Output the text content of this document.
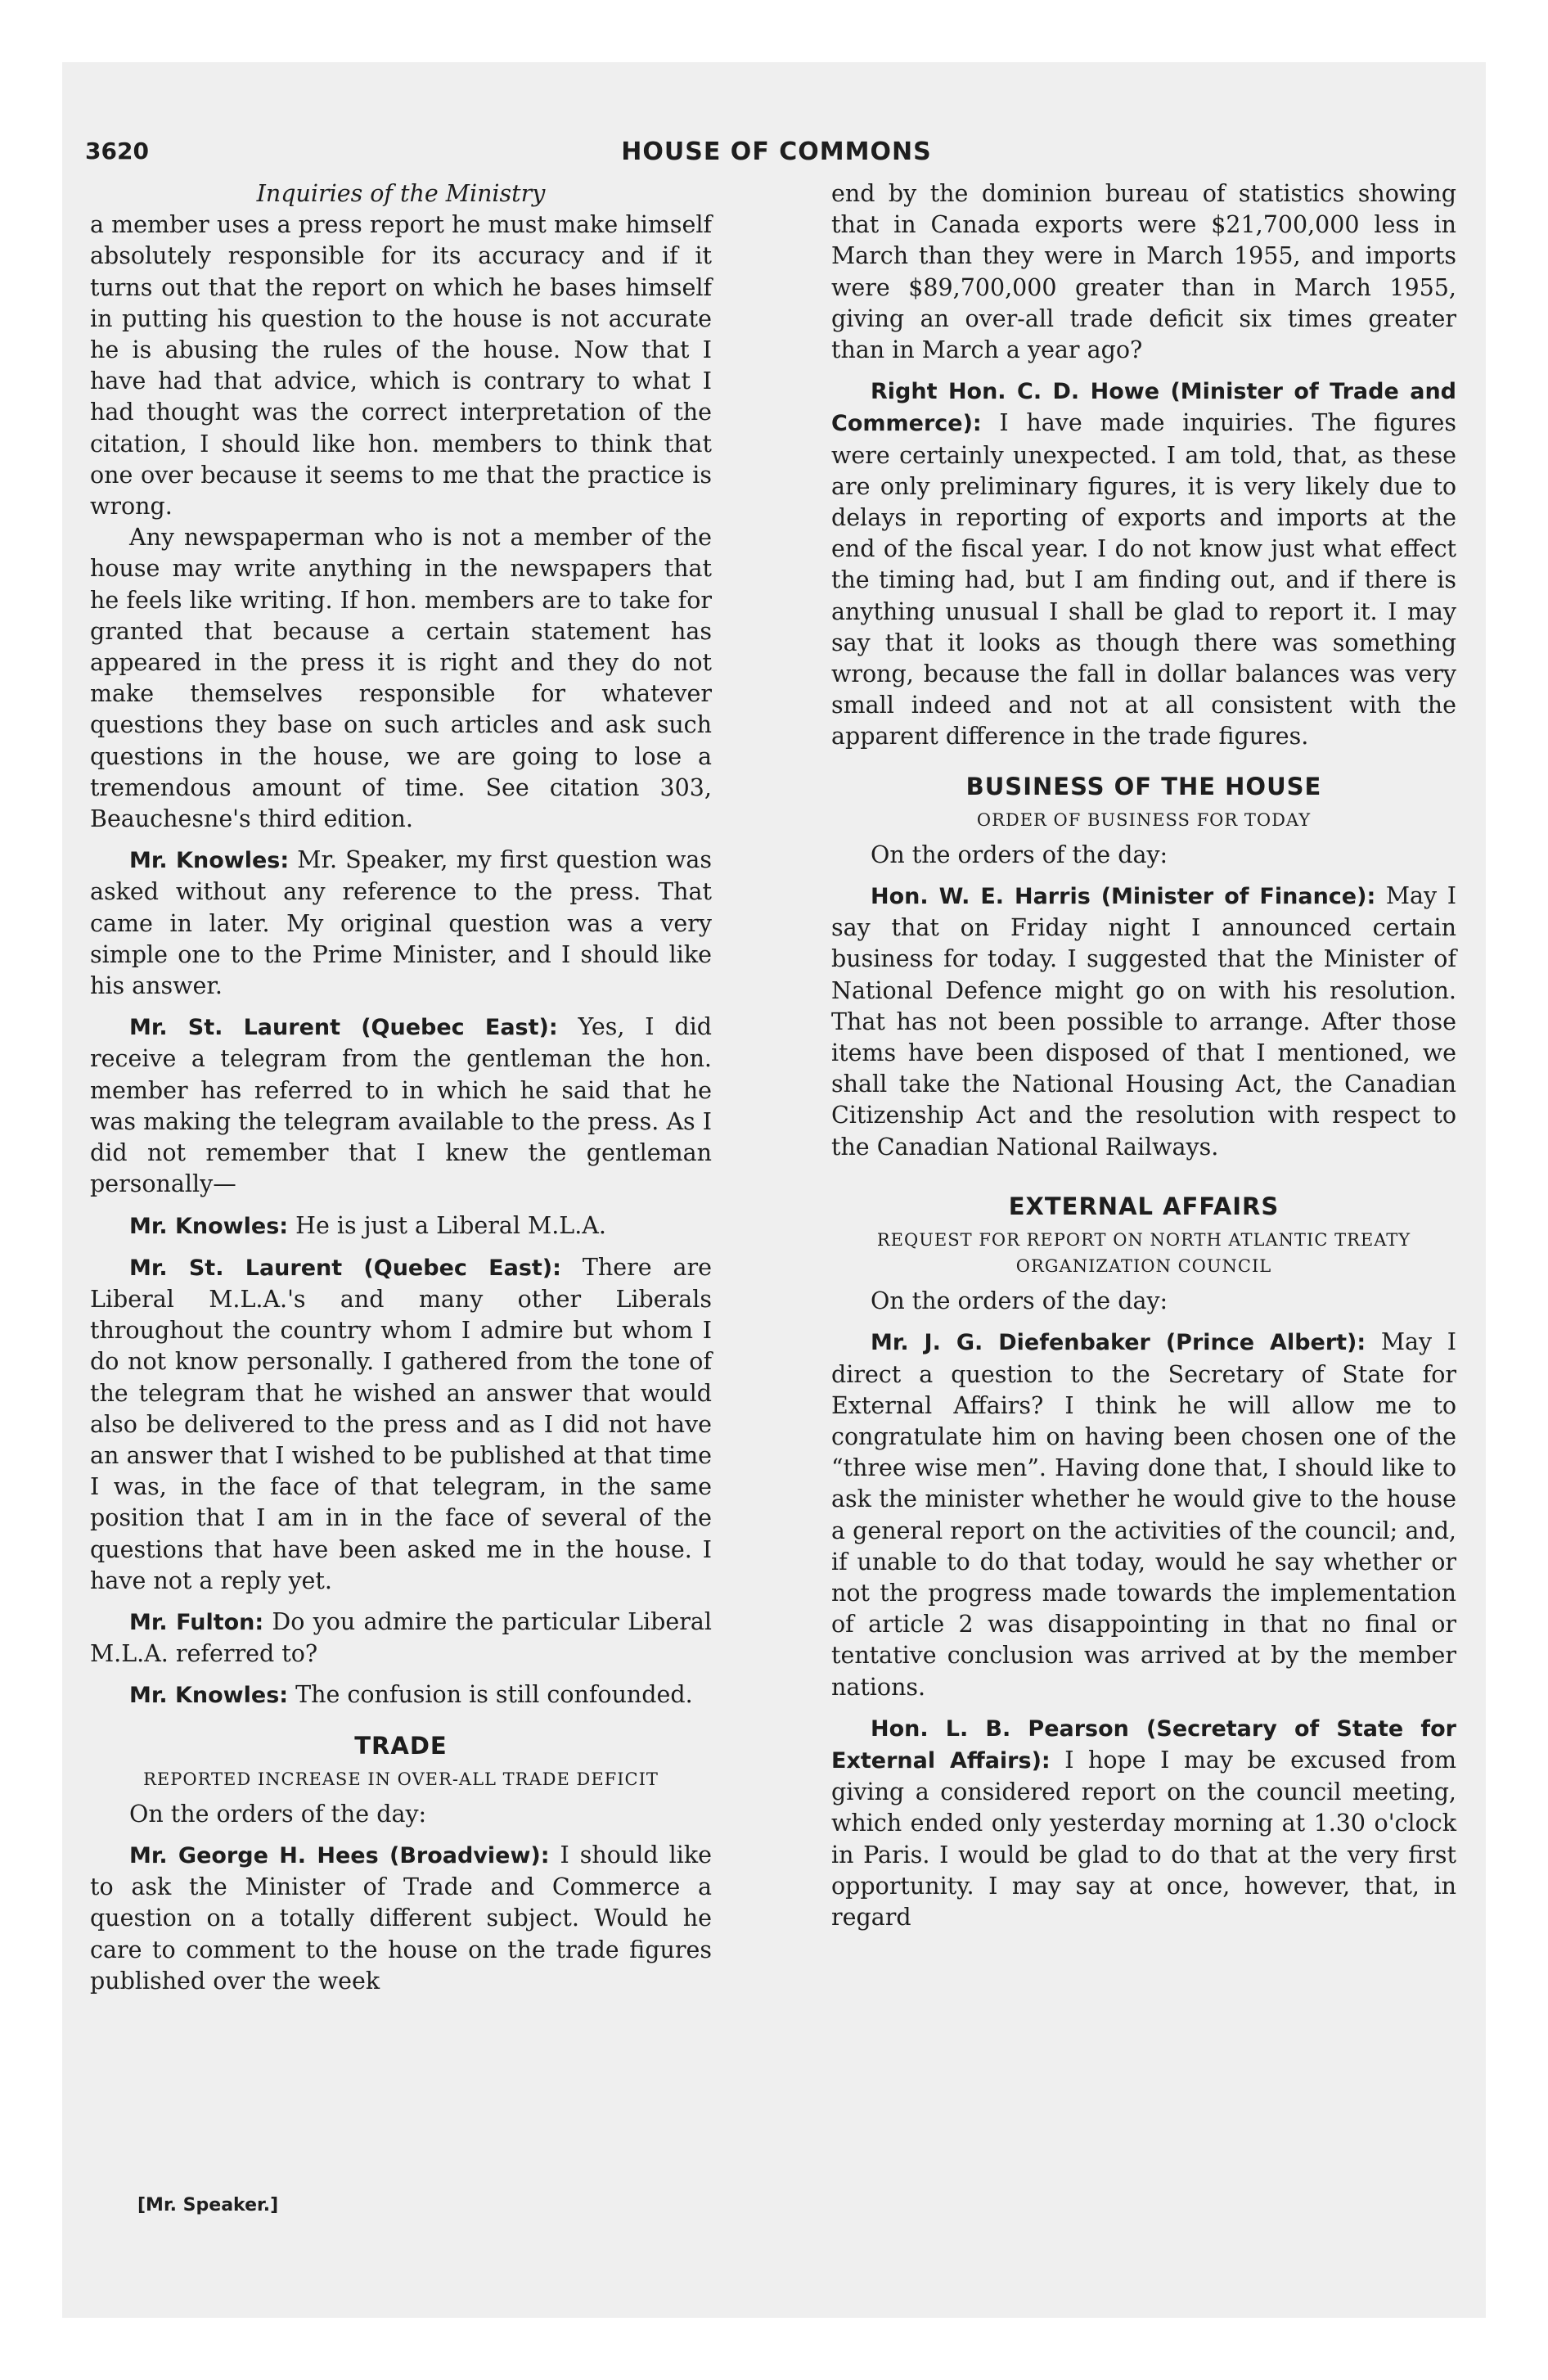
3620	HOUSE OF COMMONS

Inquiries of the Ministry

a member uses a press report he must make himself absolutely responsible for its accuracy and if it turns out that the report on which he bases himself in putting his question to the house is not accurate he is abusing the rules of the house. Now that I have had that advice, which is contrary to what I had thought was the correct interpretation of the citation, I should like hon. members to think that one over because it seems to me that the practice is wrong.

Any newspaperman who is not a member of the house may write anything in the newspapers that he feels like writing. If hon. members are to take for granted that because a certain statement has appeared in the press it is right and they do not make themselves responsible for whatever questions they base on such articles and ask such questions in the house, we are going to lose a tremendous amount of time. See citation 303, Beauchesne's third edition.

Mr. Knowles: Mr. Speaker, my first question was asked without any reference to the press. That came in later. My original question was a very simple one to the Prime Minister, and I should like his answer.

Mr. St. Laurent (Quebec East): Yes, I did receive a telegram from the gentleman the hon. member has referred to in which he said that he was making the telegram available to the press. As I did not remember that I knew the gentleman personally—

Mr. Knowles: He is just a Liberal M.L.A.

Mr. St. Laurent (Quebec East): There are Liberal M.L.A.'s and many other Liberals throughout the country whom I admire but whom I do not know personally. I gathered from the tone of the telegram that he wished an answer that would also be delivered to the press and as I did not have an answer that I wished to be published at that time I was, in the face of that telegram, in the same position that I am in in the face of several of the questions that have been asked me in the house. I have not a reply yet.

Mr. Fulton: Do you admire the particular Liberal M.L.A. referred to?

Mr. Knowles: The confusion is still confounded.

TRADE
REPORTED INCREASE IN OVER-ALL TRADE DEFICIT

On the orders of the day:

Mr. George H. Hees (Broadview): I should like to ask the Minister of Trade and Commerce a question on a totally different subject. Would he care to comment to the house on the trade figures published over the week

end by the dominion bureau of statistics showing that in Canada exports were $21,700,000 less in March than they were in March 1955, and imports were $89,700,000 greater than in March 1955, giving an over-all trade deficit six times greater than in March a year ago?

Right Hon. C. D. Howe (Minister of Trade and Commerce): I have made inquiries. The figures were certainly unexpected. I am told, that, as these are only preliminary figures, it is very likely due to delays in reporting of exports and imports at the end of the fiscal year. I do not know just what effect the timing had, but I am finding out, and if there is anything unusual I shall be glad to report it. I may say that it looks as though there was something wrong, because the fall in dollar balances was very small indeed and not at all consistent with the apparent difference in the trade figures.

BUSINESS OF THE HOUSE
ORDER OF BUSINESS FOR TODAY

On the orders of the day:

Hon. W. E. Harris (Minister of Finance): May I say that on Friday night I announced certain business for today. I suggested that the Minister of National Defence might go on with his resolution. That has not been possible to arrange. After those items have been disposed of that I mentioned, we shall take the National Housing Act, the Canadian Citizenship Act and the resolution with respect to the Canadian National Railways.

EXTERNAL AFFAIRS
REQUEST FOR REPORT ON NORTH ATLANTIC TREATY ORGANIZATION COUNCIL

On the orders of the day:

Mr. J. G. Diefenbaker (Prince Albert): May I direct a question to the Secretary of State for External Affairs? I think he will allow me to congratulate him on having been chosen one of the “three wise men”. Having done that, I should like to ask the minister whether he would give to the house a general report on the activities of the council; and, if unable to do that today, would he say whether or not the progress made towards the implementation of article 2 was disappointing in that no final or tentative conclusion was arrived at by the member nations.

Hon. L. B. Pearson (Secretary of State for External Affairs): I hope I may be excused from giving a considered report on the council meeting, which ended only yesterday morning at 1.30 o'clock in Paris. I would be glad to do that at the very first opportunity. I may say at once, however, that, in regard

[Mr. Speaker.]
